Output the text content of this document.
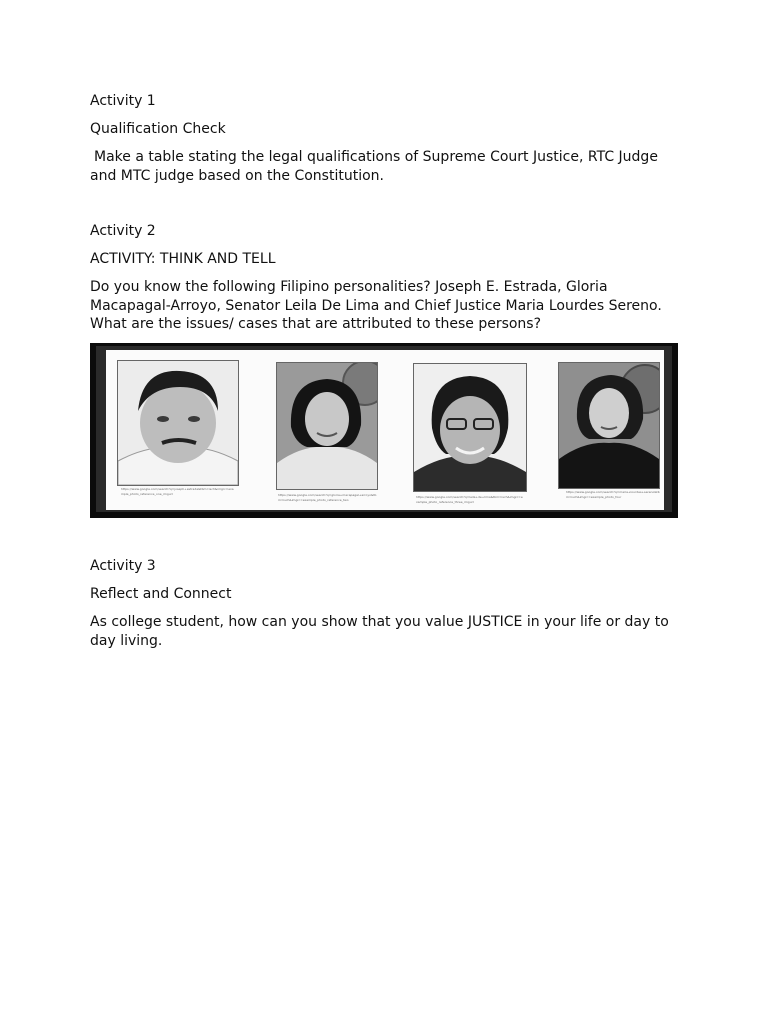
Activity 1

Qualification Check

Make a table stating the legal qualifications of Supreme Court Justice, RTC Judge and MTC judge based on the Constitution.

Activity 2

ACTIVITY: THINK AND TELL

Do you know the following Filipino personalities? Joseph E. Estrada, Gloria Macapagal-Arroyo, Senator Leila De Lima and Chief Justice Maria Lourdes Sereno. What are the issues/ cases that are attributed to these persons?

https://www.google.com/search?q=joseph+estrada&tbm=isch&imgrc=example_photo_reference_one_imgurl	https://www.google.com/search?q=gloria+macapagal+arroyo&tbm=isch&imgrc=example_photo_reference_two
https://www.google.com/search?q=leila+de+lima&tbm=isch&imgrc=example_photo_reference_three_imgurl
https://www.google.com/search?q=maria+lourdes+sereno&tbm=isch&imgrc=example_photo_four

Activity 3

Reflect and Connect

As college student, how can you show that you value JUSTICE in your life or day to day living.
